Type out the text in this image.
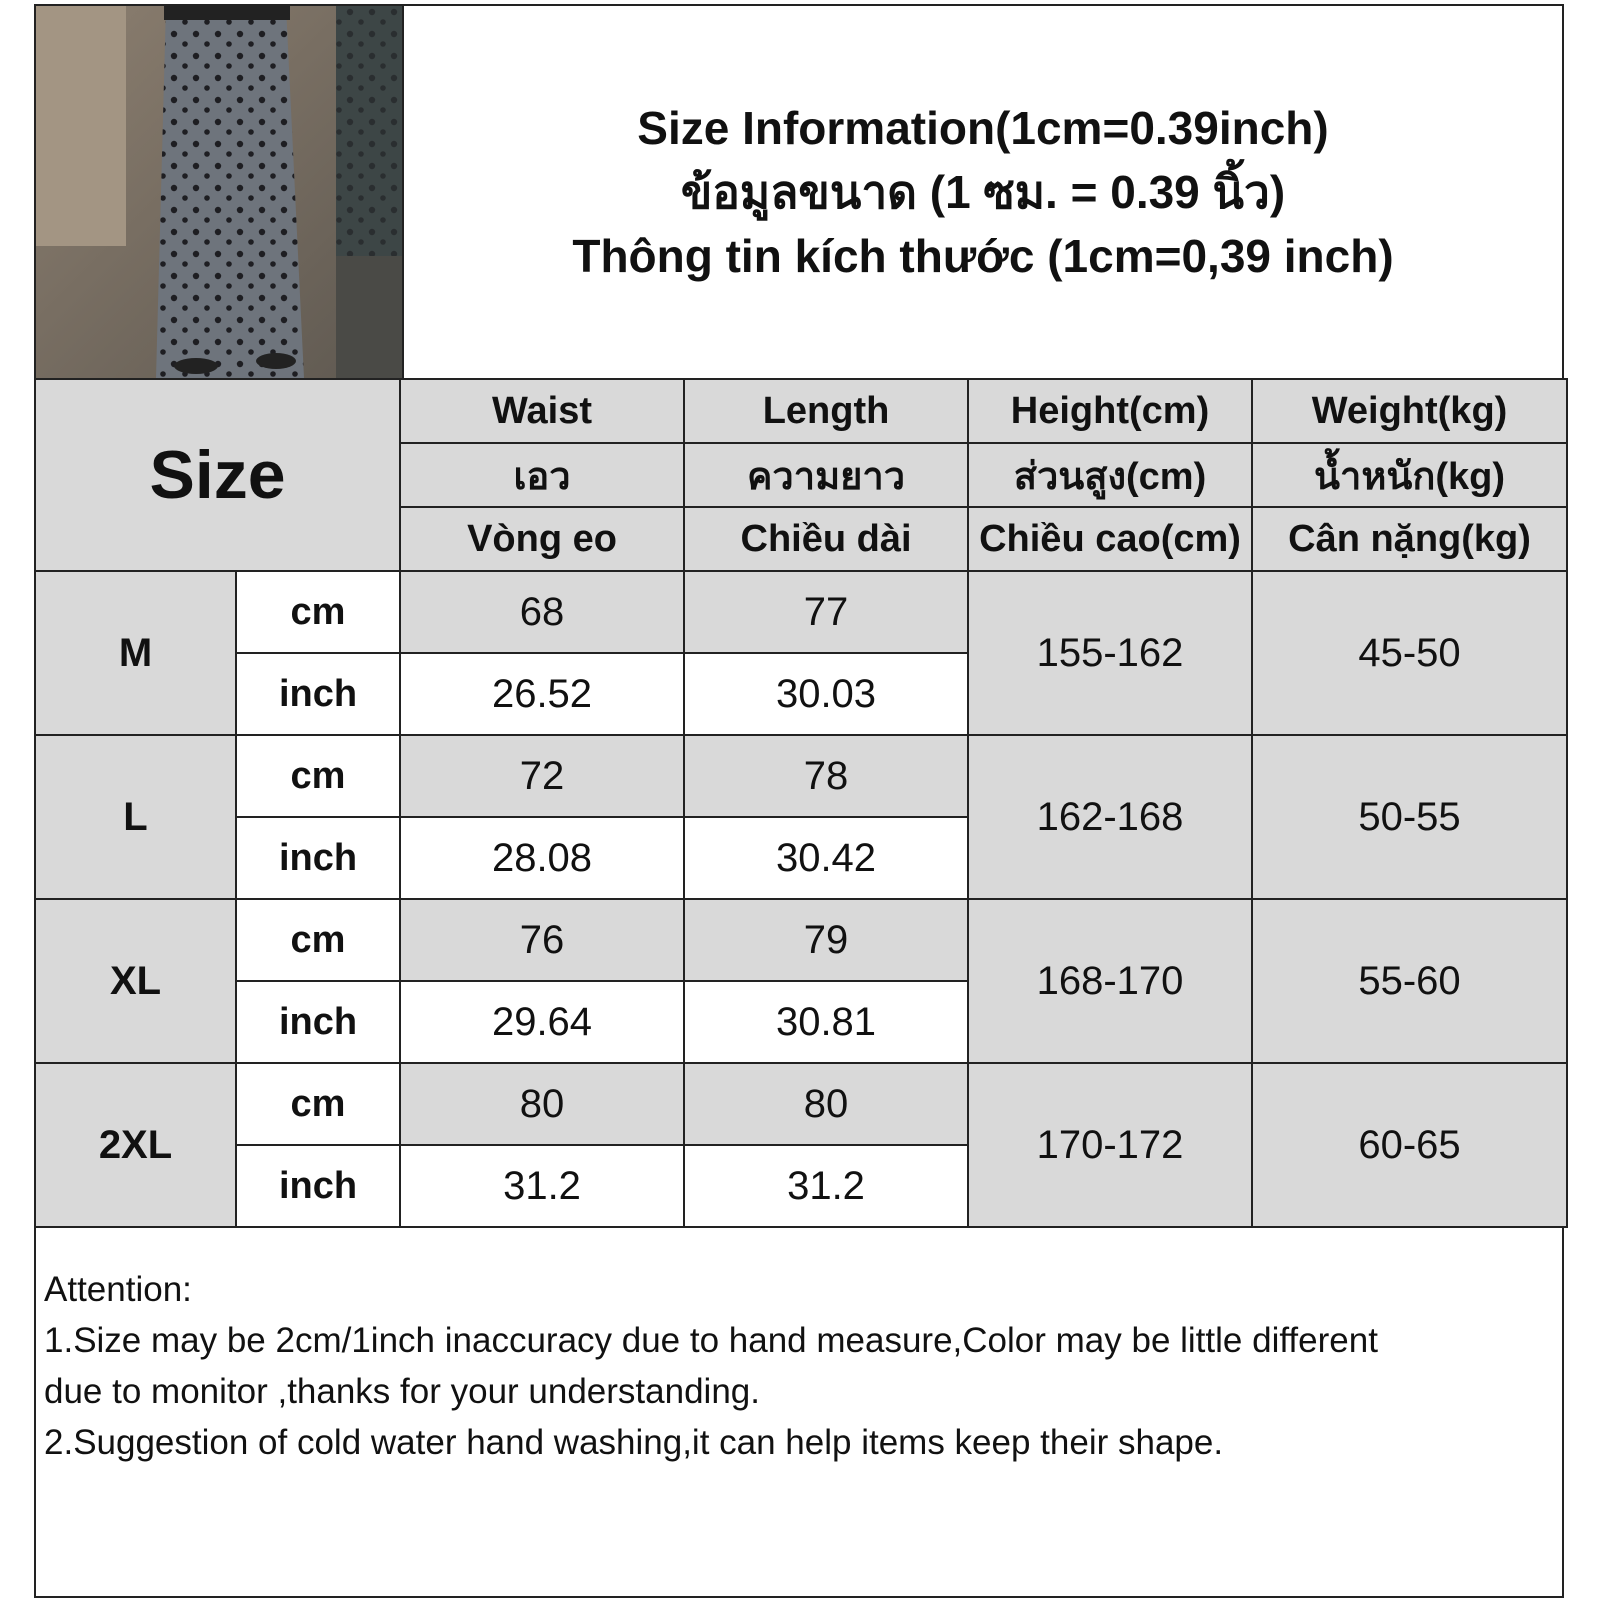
Size Information(1cm=0.39inch)
ข้อมูลขนาด (1 ซม. = 0.39 นิ้ว)
Thông tin kích thước (1cm=0,39 inch)
Size		Waist	Length	Height(cm)	Weight(kg)
		เอว	ความยาว	ส่วนสูง(cm)	น้ำหนัก(kg)
		Vòng eo	Chiều dài	Chiều cao(cm)	Cân nặng(kg)
M	cm	68	77	155-162	45-50
	inch	26.52	30.03		
L	cm	72	78	162-168	50-55
	inch	28.08	30.42		
XL	cm	76	79	168-170	55-60
	inch	29.64	30.81		
2XL	cm	80	80	170-172	60-65
	inch	31.2	31.2		
Attention:
1.Size may be 2cm/1inch inaccuracy due to hand measure,Color may be little different
due to monitor ,thanks for your understanding.
2.Suggestion of cold water hand washing,it can help items keep their shape.
